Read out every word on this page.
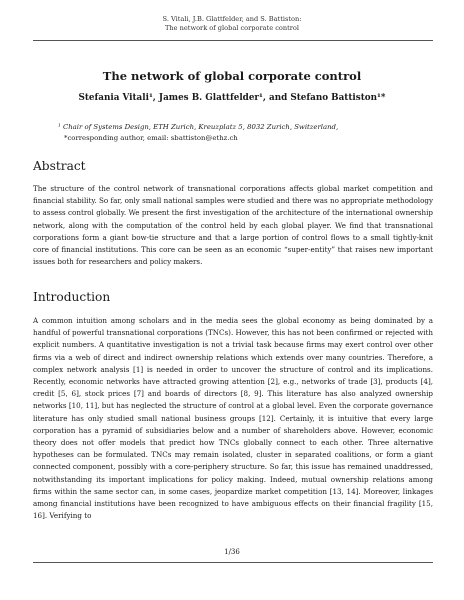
S. Vitali, J.B. Glattfelder, and S. Battiston:
The network of global corporate control
The network of global corporate control
Stefania Vitali¹, James B. Glattfelder¹, and Stefano Battiston¹*
¹ Chair of Systems Design, ETH Zurich, Kreuzplatz 5, 8032 Zurich, Switzerland,
*corresponding author, email: sbattiston@ethz.ch
Abstract

The structure of the control network of transnational corporations affects global market competition and financial stability. So far, only small national samples were studied and there was no appropriate methodology to assess control globally. We present the first investigation of the architecture of the international ownership network, along with the computation of the control held by each global player. We find that transnational corporations form a giant bow-tie structure and that a large portion of control flows to a small tightly-knit core of financial institutions. This core can be seen as an economic “super-entity” that raises new important issues both for researchers and policy makers.

Introduction

A common intuition among scholars and in the media sees the global economy as being dominated by a handful of powerful transnational corporations (TNCs). However, this has not been confirmed or rejected with explicit numbers. A quantitative investigation is not a trivial task because firms may exert control over other firms via a web of direct and indirect ownership relations which extends over many countries. Therefore, a complex network analysis [1] is needed in order to uncover the structure of control and its implications. Recently, economic networks have attracted growing attention [2], e.g., networks of trade [3], products [4], credit [5, 6], stock prices [7] and boards of directors [8, 9]. This literature has also analyzed ownership networks [10, 11], but has neglected the structure of control at a global level. Even the corporate governance literature has only studied small national business groups [12]. Certainly, it is intuitive that every large corporation has a pyramid of subsidiaries below and a number of shareholders above. However, economic theory does not offer models that predict how TNCs globally connect to each other. Three alternative hypotheses can be formulated. TNCs may remain isolated, cluster in separated coalitions, or form a giant connected component, possibly with a core-periphery structure. So far, this issue has remained unaddressed, notwithstanding its important implications for policy making. Indeed, mutual ownership relations among firms within the same sector can, in some cases, jeopardize market competition [13, 14]. Moreover, linkages among financial institutions have been recognized to have ambiguous effects on their financial fragility [15, 16]. Verifying to

1/36
